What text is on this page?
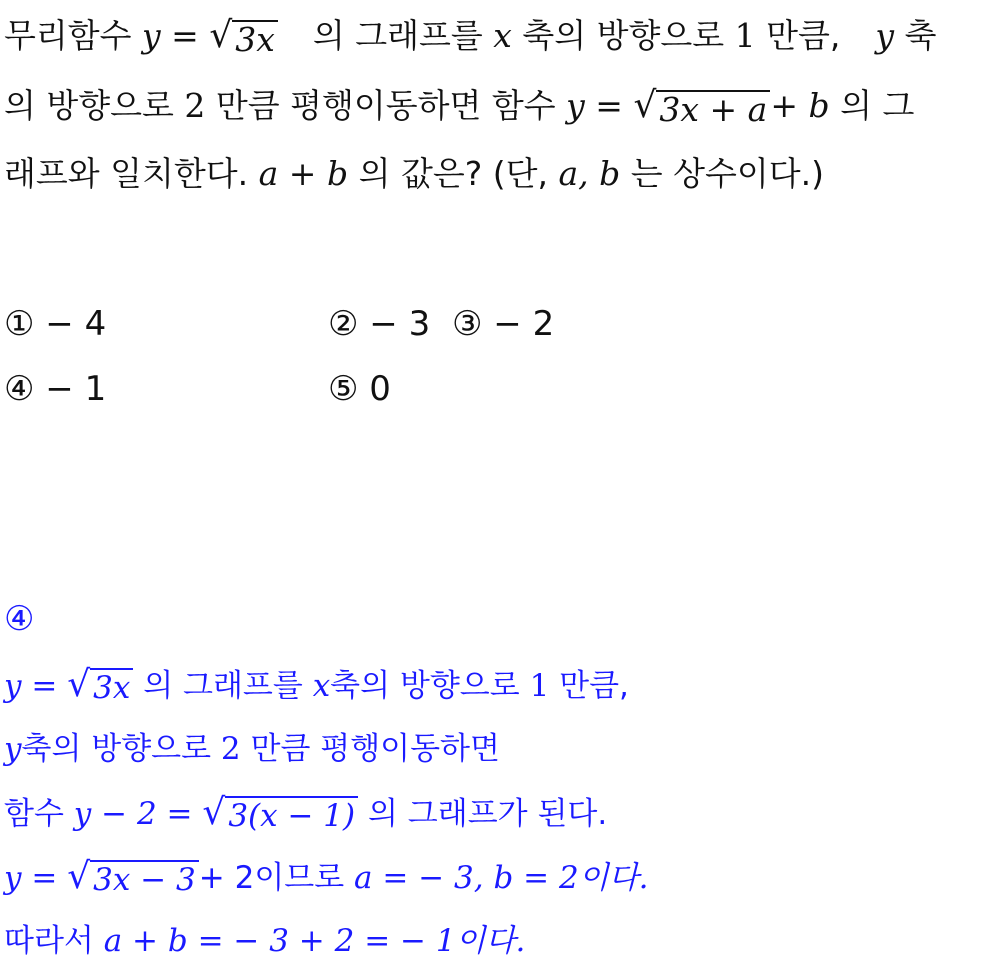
무리함수 y = √ 3x 의 그래프를 x 축의 방향으로 1 만큼, y 축
의 방향으로 2 만큼 평행이동하면 함수 y = √ 3x + a + b 의 그
래프와 일치한다. a + b 의 값은? (단, a, b 는 상수이다.)
① − 4	② − 3 ③ − 2
④ − 1	⑤ 0
④
y = √ 3x 의 그래프를 x축의 방향으로 1 만큼,
y축의 방향으로 2 만큼 평행이동하면
함수 y − 2 = √ 3(x − 1) 의 그래프가 된다.
y = √ 3x − 3 + 2이므로 a = − 3, b = 2이다.
따라서 a + b = − 3 + 2 = − 1이다.
